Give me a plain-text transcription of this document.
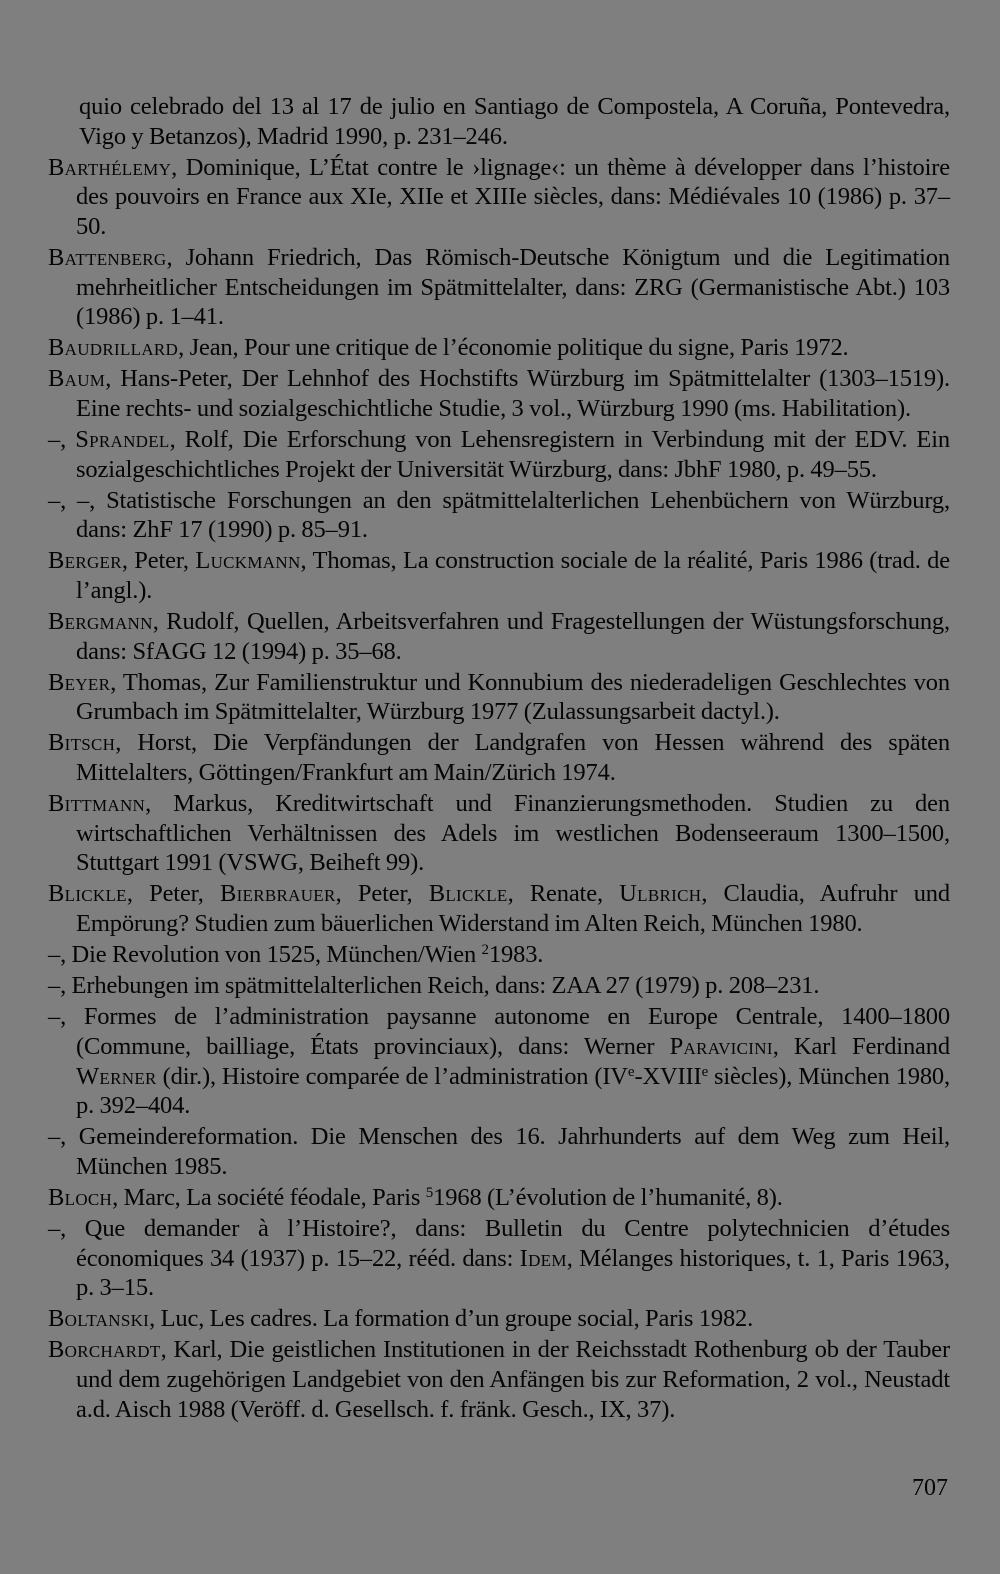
quio celebrado del 13 al 17 de julio en Santiago de Compostela, A Coruña, Pontevedra, Vigo y Betanzos), Madrid 1990, p. 231–246.

Barthélemy, Dominique, L’État contre le ›lignage‹: un thème à développer dans l’histoire des pouvoirs en France aux XIe, XIIe et XIIIe siècles, dans: Médiévales 10 (1986) p. 37–50.

Battenberg, Johann Friedrich, Das Römisch-Deutsche Königtum und die Legitimation mehrheitlicher Entscheidungen im Spätmittelalter, dans: ZRG (Germanistische Abt.) 103 (1986) p. 1–41.

Baudrillard, Jean, Pour une critique de l’économie politique du signe, Paris 1972.

Baum, Hans-Peter, Der Lehnhof des Hochstifts Würzburg im Spätmittelalter (1303–1519). Eine rechts- und sozialgeschichtliche Studie, 3 vol., Würzburg 1990 (ms. Habilitation).

–, Sprandel, Rolf, Die Erforschung von Lehensregistern in Verbindung mit der EDV. Ein sozialgeschichtliches Projekt der Universität Würzburg, dans: JbhF 1980, p. 49–55.

–, –, Statistische Forschungen an den spätmittelalterlichen Lehenbüchern von Würzburg, dans: ZhF 17 (1990) p. 85–91.

Berger, Peter, Luckmann, Thomas, La construction sociale de la réalité, Paris 1986 (trad. de l’angl.).

Bergmann, Rudolf, Quellen, Arbeitsverfahren und Fragestellungen der Wüstungsforschung, dans: SfAGG 12 (1994) p. 35–68.

Beyer, Thomas, Zur Familienstruktur und Konnubium des niederadeligen Geschlechtes von Grumbach im Spätmittelalter, Würzburg 1977 (Zulassungsarbeit dactyl.).

Bitsch, Horst, Die Verpfändungen der Landgrafen von Hessen während des späten Mittelalters, Göttingen/Frankfurt am Main/Zürich 1974.

Bittmann, Markus, Kreditwirtschaft und Finanzierungsmethoden. Studien zu den wirtschaftlichen Verhältnissen des Adels im westlichen Bodenseeraum 1300–1500, Stuttgart 1991 (VSWG, Beiheft 99).

Blickle, Peter, Bierbrauer, Peter, Blickle, Renate, Ulbrich, Claudia, Aufruhr und Empörung? Studien zum bäuerlichen Widerstand im Alten Reich, München 1980.

–, Die Revolution von 1525, München/Wien $^2$1983.

–, Erhebungen im spätmittelalterlichen Reich, dans: ZAA 27 (1979) p. 208–231.

–, Formes de l’administration paysanne autonome en Europe Centrale, 1400–1800 (Commune, bailliage, États provinciaux), dans: Werner Paravicini, Karl Ferdinand Werner (dir.), Histoire comparée de l’administration (IVe-XVIIIe siècles), München 1980, p. 392–404.

–, Gemeindereformation. Die Menschen des 16. Jahrhunderts auf dem Weg zum Heil, München 1985.

Bloch, Marc, La société féodale, Paris $^5$1968 (L’évolution de l’humanité, 8).

–, Que demander à l’Histoire?, dans: Bulletin du Centre polytechnicien d’études économiques 34 (1937) p. 15–22, rééd. dans: Idem, Mélanges historiques, t. 1, Paris 1963, p. 3–15.

Boltanski, Luc, Les cadres. La formation d’un groupe social, Paris 1982.

Borchardt, Karl, Die geistlichen Institutionen in der Reichsstadt Rothenburg ob der Tauber und dem zugehörigen Landgebiet von den Anfängen bis zur Reformation, 2 vol., Neustadt a.d. Aisch 1988 (Veröff. d. Gesellsch. f. fränk. Gesch., IX, 37).

707
